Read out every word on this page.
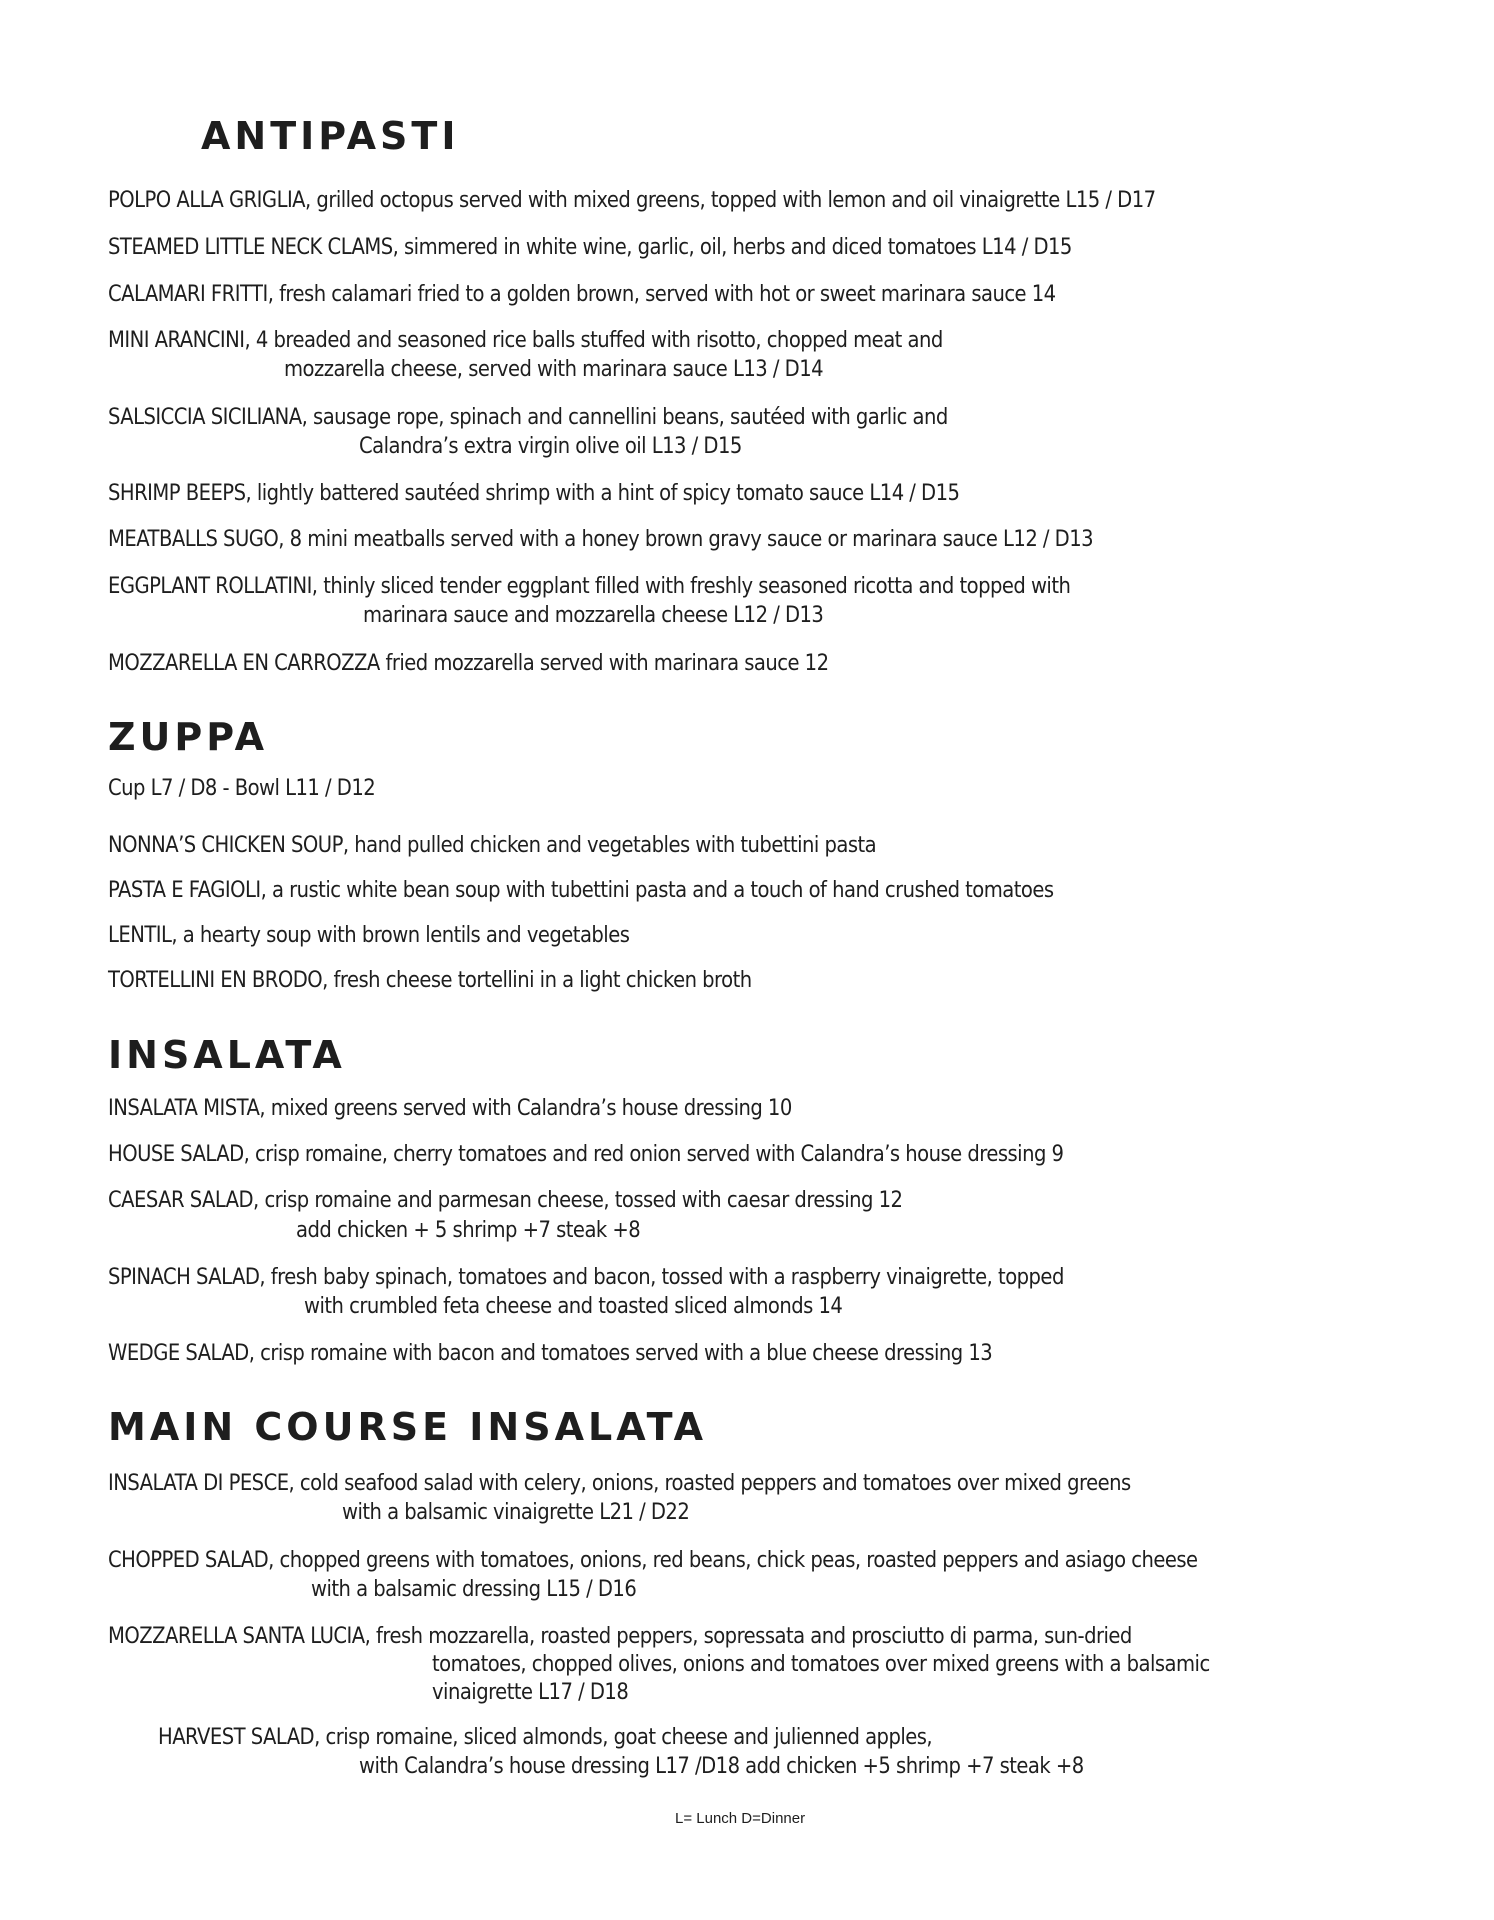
ANTIPASTI

POLPO ALLA GRIGLIA, grilled octopus served with mixed greens, topped with lemon and oil vinaigrette L15 / D17

STEAMED LITTLE NECK CLAMS, simmered in white wine, garlic, oil, herbs and diced tomatoes L14 / D15

CALAMARI FRITTI, fresh calamari fried to a golden brown, served with hot or sweet marinara sauce 14

MINI ARANCINI, 4 breaded and seasoned rice balls stuffed with risotto, chopped meat and

mozzarella cheese, served with marinara sauce L13 / D14

SALSICCIA SICILIANA, sausage rope, spinach and cannellini beans, sautéed with garlic and

Calandra’s extra virgin olive oil L13 / D15

SHRIMP BEEPS, lightly battered sautéed shrimp with a hint of spicy tomato sauce L14 / D15

MEATBALLS SUGO, 8 mini meatballs served with a honey brown gravy sauce or marinara sauce L12 / D13

EGGPLANT ROLLATINI, thinly sliced tender eggplant filled with freshly seasoned ricotta and topped with

marinara sauce and mozzarella cheese L12 / D13

MOZZARELLA EN CARROZZA fried mozzarella served with marinara sauce 12

ZUPPA

Cup L7 / D8 - Bowl L11 / D12

NONNA’S CHICKEN SOUP, hand pulled chicken and vegetables with tubettini pasta

PASTA E FAGIOLI, a rustic white bean soup with tubettini pasta and a touch of hand crushed tomatoes

LENTIL, a hearty soup with brown lentils and vegetables

TORTELLINI EN BRODO, fresh cheese tortellini in a light chicken broth

INSALATA

INSALATA MISTA, mixed greens served with Calandra’s house dressing 10

HOUSE SALAD, crisp romaine, cherry tomatoes and red onion served with Calandra’s house dressing 9

CAESAR SALAD, crisp romaine and parmesan cheese, tossed with caesar dressing 12

add chicken + 5 shrimp +7 steak +8

SPINACH SALAD, fresh baby spinach, tomatoes and bacon, tossed with a raspberry vinaigrette, topped

with crumbled feta cheese and toasted sliced almonds 14

WEDGE SALAD, crisp romaine with bacon and tomatoes served with a blue cheese dressing 13

MAIN COURSE INSALATA

INSALATA DI PESCE, cold seafood salad with celery, onions, roasted peppers and tomatoes over mixed greens

with a balsamic vinaigrette L21 / D22

CHOPPED SALAD, chopped greens with tomatoes, onions, red beans, chick peas, roasted peppers and asiago cheese

with a balsamic dressing L15 / D16

MOZZARELLA SANTA LUCIA, fresh mozzarella, roasted peppers, sopressata and prosciutto di parma, sun-dried

tomatoes, chopped olives, onions and tomatoes over mixed greens with a balsamic

vinaigrette L17 / D18

HARVEST SALAD, crisp romaine, sliced almonds, goat cheese and julienned apples,

with Calandra’s house dressing L17 /D18 add chicken +5 shrimp +7 steak +8

L= Lunch D=Dinner
